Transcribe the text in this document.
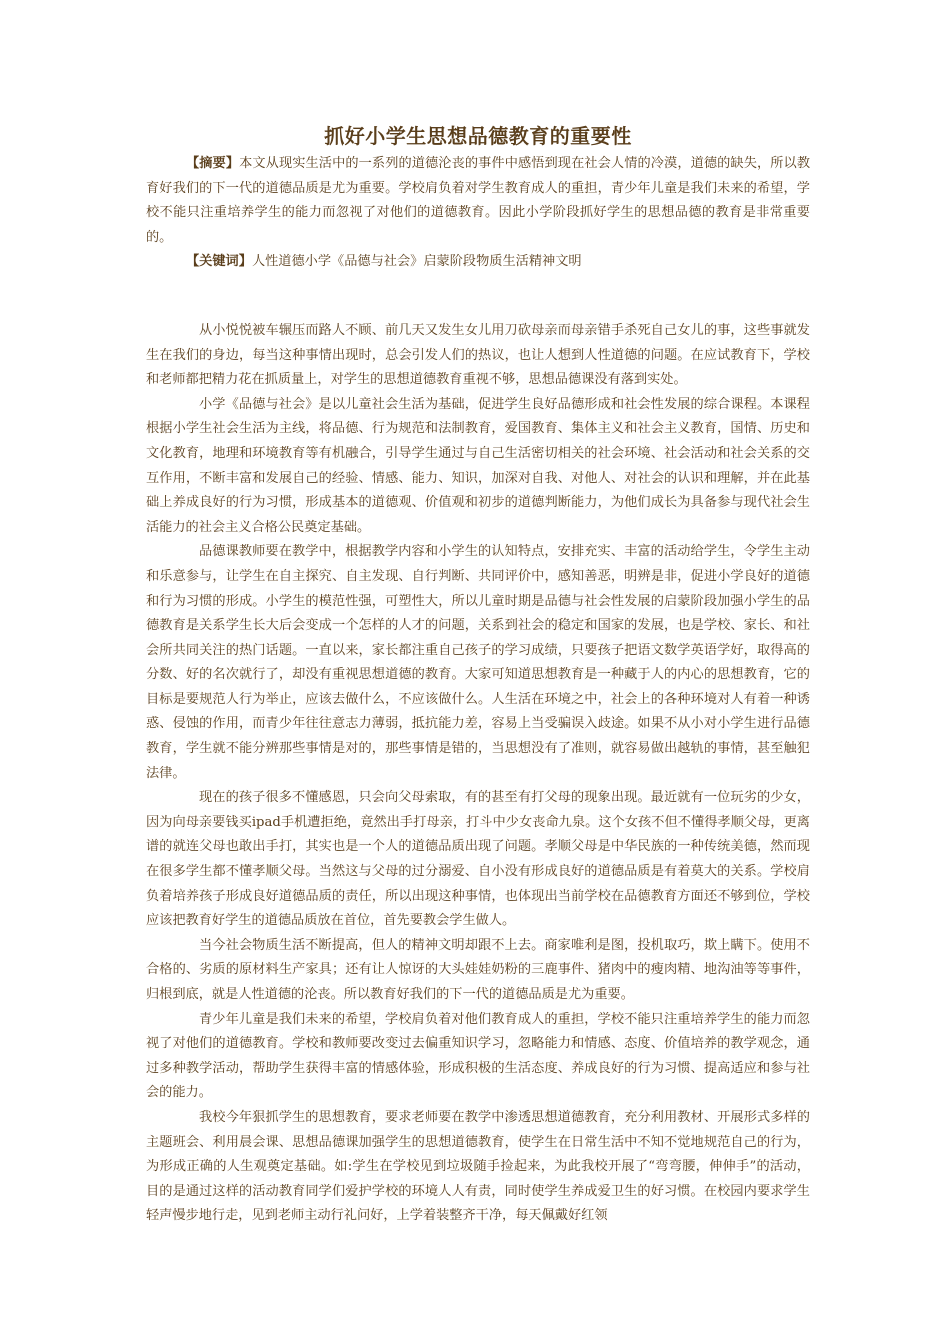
抓好小学生思想品德教育的重要性

【摘要】本文从现实生活中的一系列的道德沦丧的事件中感悟到现在社会人情的冷漠，道德的缺失，所以教育好我们的下一代的道德品质是尤为重要。学校肩负着对学生教育成人的重担，青少年儿童是我们未来的希望，学校不能只注重培养学生的能力而忽视了对他们的道德教育。因此小学阶段抓好学生的思想品德的教育是非常重要的。

【关键词】人性道德小学《品德与社会》启蒙阶段物质生活精神文明

从小悦悦被车辗压而路人不顾、前几天又发生女儿用刀砍母亲而母亲错手杀死自己女儿的事，这些事就发生在我们的身边，每当这种事情出现时，总会引发人们的热议，也让人想到人性道德的问题。在应试教育下，学校和老师都把精力花在抓质量上，对学生的思想道德教育重视不够，思想品德课没有落到实处。

小学《品德与社会》是以儿童社会生活为基础，促进学生良好品德形成和社会性发展的综合课程。本课程根据小学生社会生活为主线，将品德、行为规范和法制教育，爱国教育、集体主义和社会主义教育，国情、历史和文化教育，地理和环境教育等有机融合，引导学生通过与自己生活密切相关的社会环境、社会活动和社会关系的交互作用，不断丰富和发展自己的经验、情感、能力、知识，加深对自我、对他人、对社会的认识和理解，并在此基础上养成良好的行为习惯，形成基本的道德观、价值观和初步的道德判断能力，为他们成长为具备参与现代社会生活能力的社会主义合格公民奠定基础。

品德课教师要在教学中，根据教学内容和小学生的认知特点，安排充实、丰富的活动给学生，令学生主动和乐意参与，让学生在自主探究、自主发现、自行判断、共同评价中，感知善恶，明辨是非，促进小学良好的道德和行为习惯的形成。小学生的模范性强，可塑性大，所以儿童时期是品德与社会性发展的启蒙阶段加强小学生的品德教育是关系学生长大后会变成一个怎样的人才的问题，关系到社会的稳定和国家的发展，也是学校、家长、和社会所共同关注的热门话题。一直以来，家长都注重自己孩子的学习成绩，只要孩子把语文数学英语学好，取得高的分数、好的名次就行了，却没有重视思想道德的教育。大家可知道思想教育是一种藏于人的内心的思想教育，它的目标是要规范人行为举止，应该去做什么，不应该做什么。人生活在环境之中，社会上的各种环境对人有着一种诱惑、侵蚀的作用，而青少年往往意志力薄弱，抵抗能力差，容易上当受骗误入歧途。如果不从小对小学生进行品德教育，学生就不能分辨那些事情是对的，那些事情是错的，当思想没有了准则，就容易做出越轨的事情，甚至触犯法律。

现在的孩子很多不懂感恩，只会向父母索取，有的甚至有打父母的现象出现。最近就有一位玩劣的少女，因为向母亲要钱买ipad手机遭拒绝，竟然出手打母亲，打斗中少女丧命九泉。这个女孩不但不懂得孝顺父母，更离谱的就连父母也敢出手打，其实也是一个人的道德品质出现了问题。孝顺父母是中华民族的一种传统美德，然而现在很多学生都不懂孝顺父母。当然这与父母的过分溺爱、自小没有形成良好的道德品质是有着莫大的关系。学校肩负着培养孩子形成良好道德品质的责任，所以出现这种事情，也体现出当前学校在品德教育方面还不够到位，学校应该把教育好学生的道德品质放在首位，首先要教会学生做人。

当今社会物质生活不断提高，但人的精神文明却跟不上去。商家唯利是图，投机取巧，欺上瞒下。使用不合格的、劣质的原材料生产家具；还有让人惊讶的大头娃娃奶粉的三鹿事件、猪肉中的瘦肉精、地沟油等等事件，归根到底，就是人性道德的沦丧。所以教育好我们的下一代的道德品质是尤为重要。

青少年儿童是我们未来的希望，学校肩负着对他们教育成人的重担，学校不能只注重培养学生的能力而忽视了对他们的道德教育。学校和教师要改变过去偏重知识学习，忽略能力和情感、态度、价值培养的教学观念，通过多种教学活动，帮助学生获得丰富的情感体验，形成积极的生活态度、养成良好的行为习惯、提高适应和参与社会的能力。

我校今年狠抓学生的思想教育，要求老师要在教学中渗透思想道德教育，充分利用教材、开展形式多样的主题班会、利用晨会课、思想品德课加强学生的思想道德教育，使学生在日常生活中不知不觉地规范自己的行为，为形成正确的人生观奠定基础。如:学生在学校见到垃圾随手捡起来，为此我校开展了“弯弯腰，伸伸手”的活动，目的是通过这样的活动教育同学们爱护学校的环境人人有责，同时使学生养成爱卫生的好习惯。在校园内要求学生轻声慢步地行走，见到老师主动行礼问好，上学着装整齐干净，每天佩戴好红领
